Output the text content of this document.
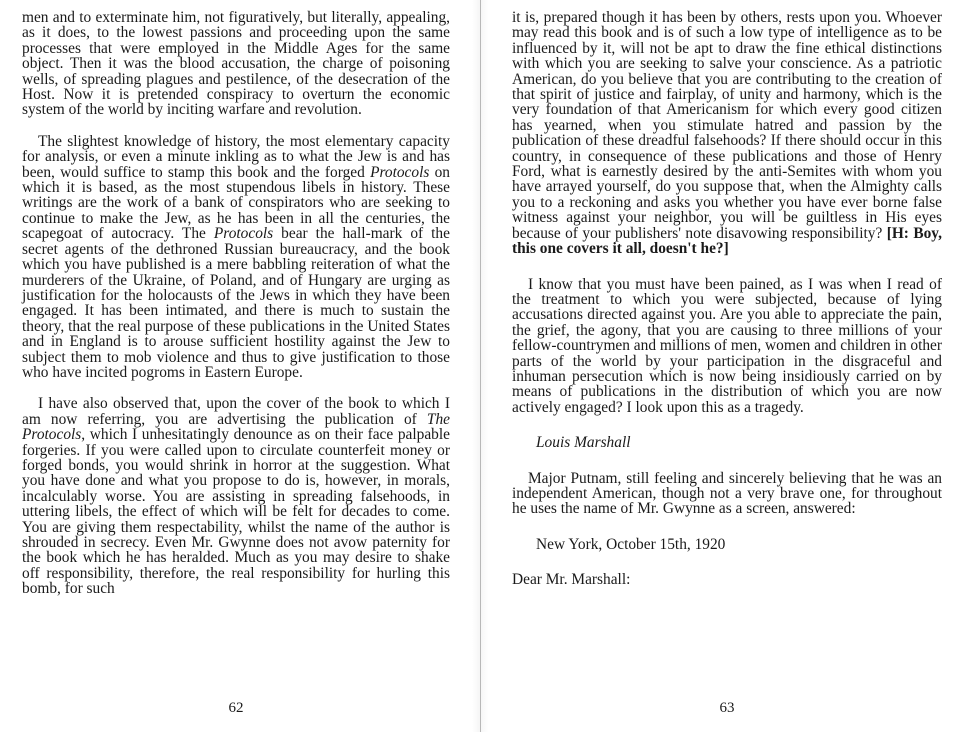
men and to exterminate him, not figuratively, but literally, appealing, as it does, to the lowest passions and proceeding upon the same processes that were employed in the Middle Ages for the same object. Then it was the blood accusation, the charge of poisoning wells, of spreading plagues and pestilence, of the desecration of the Host. Now it is pretended conspiracy to overturn the economic system of the world by inciting warfare and revolution.

The slightest knowledge of history, the most elementary capacity for analysis, or even a minute inkling as to what the Jew is and has been, would suffice to stamp this book and the forged Protocols on which it is based, as the most stupendous libels in history. These writings are the work of a bank of conspirators who are seeking to continue to make the Jew, as he has been in all the centuries, the scapegoat of autocracy. The Protocols bear the hall-mark of the secret agents of the dethroned Russian bureaucracy, and the book which you have published is a mere babbling reiteration of what the murderers of the Ukraine, of Poland, and of Hungary are urging as justification for the holocausts of the Jews in which they have been engaged. It has been intimated, and there is much to sustain the theory, that the real purpose of these publications in the United States and in England is to arouse sufficient hostility against the Jew to subject them to mob violence and thus to give justification to those who have incited pogroms in Eastern Europe.

I have also observed that, upon the cover of the book to which I am now referring, you are advertising the publication of The Protocols, which I unhesitatingly denounce as on their face palpable forgeries. If you were called upon to circulate counterfeit money or forged bonds, you would shrink in horror at the suggestion. What you have done and what you propose to do is, however, in morals, incalculably worse. You are assisting in spreading falsehoods, in uttering libels, the effect of which will be felt for decades to come. You are giving them respectability, whilst the name of the author is shrouded in secrecy. Even Mr. Gwynne does not avow paternity for the book which he has heralded. Much as you may desire to shake off responsibility, therefore, the real responsibility for hurling this bomb, for such

62

it is, prepared though it has been by others, rests upon you. Whoever may read this book and is of such a low type of intelligence as to be influenced by it, will not be apt to draw the fine ethical distinctions with which you are seeking to salve your conscience. As a patriotic American, do you believe that you are contributing to the creation of that spirit of justice and fairplay, of unity and harmony, which is the very foundation of that Americanism for which every good citizen has yearned, when you stimulate hatred and passion by the publication of these dreadful falsehoods? If there should occur in this country, in consequence of these publications and those of Henry Ford, what is earnestly desired by the anti-Semites with whom you have arrayed yourself, do you suppose that, when the Almighty calls you to a reckoning and asks you whether you have ever borne false witness against your neighbor, you will be guiltless in His eyes because of your publishers' note disavowing responsibility? [H: Boy, this one covers it all, doesn't he?]

I know that you must have been pained, as I was when I read of the treatment to which you were subjected, because of lying accusations directed against you. Are you able to appreciate the pain, the grief, the agony, that you are causing to three millions of your fellow-countrymen and millions of men, women and children in other parts of the world by your participation in the disgraceful and inhuman persecution which is now being insidiously carried on by means of publications in the distribution of which you are now actively engaged? I look upon this as a tragedy.

Louis Marshall

Major Putnam, still feeling and sincerely believing that he was an independent American, though not a very brave one, for throughout he uses the name of Mr. Gwynne as a screen, answered:

New York, October 15th, 1920

Dear Mr. Marshall:

63
